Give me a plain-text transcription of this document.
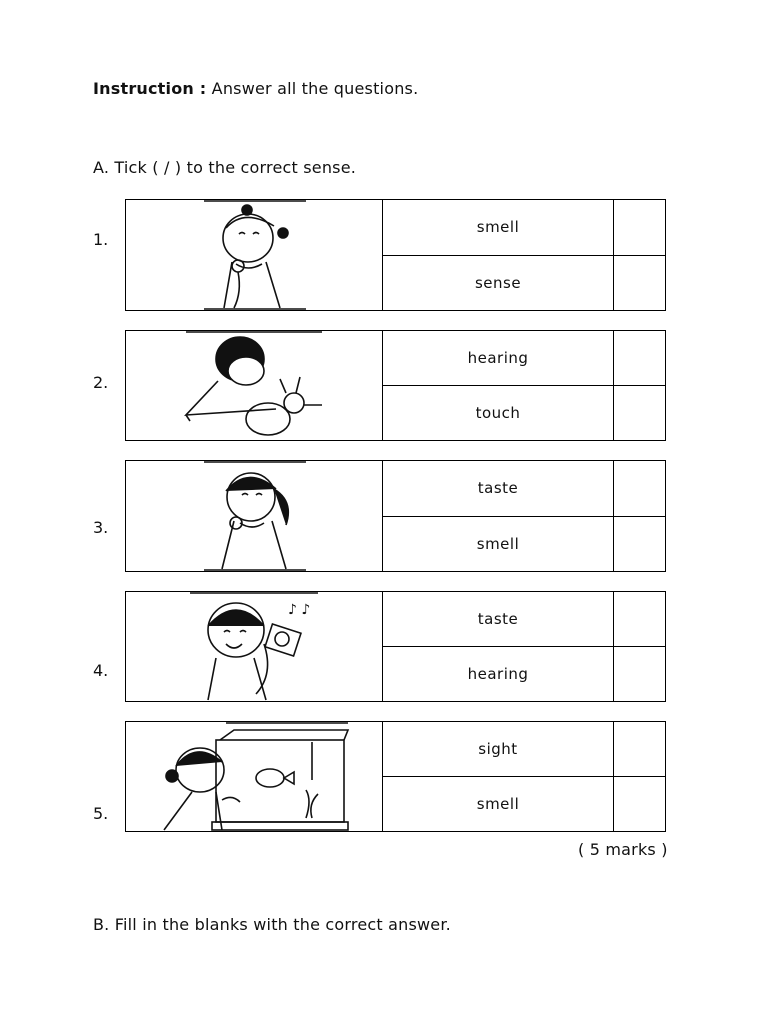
Instruction : Answer all the questions.
A. Tick ( / ) to the correct sense.
1.
smell
sense
2.
hearing
touch
3.
taste
smell
4.
♪ ♪	taste
hearing
5.
sight
smell
( 5 marks )
B. Fill in the blanks with the correct answer.
